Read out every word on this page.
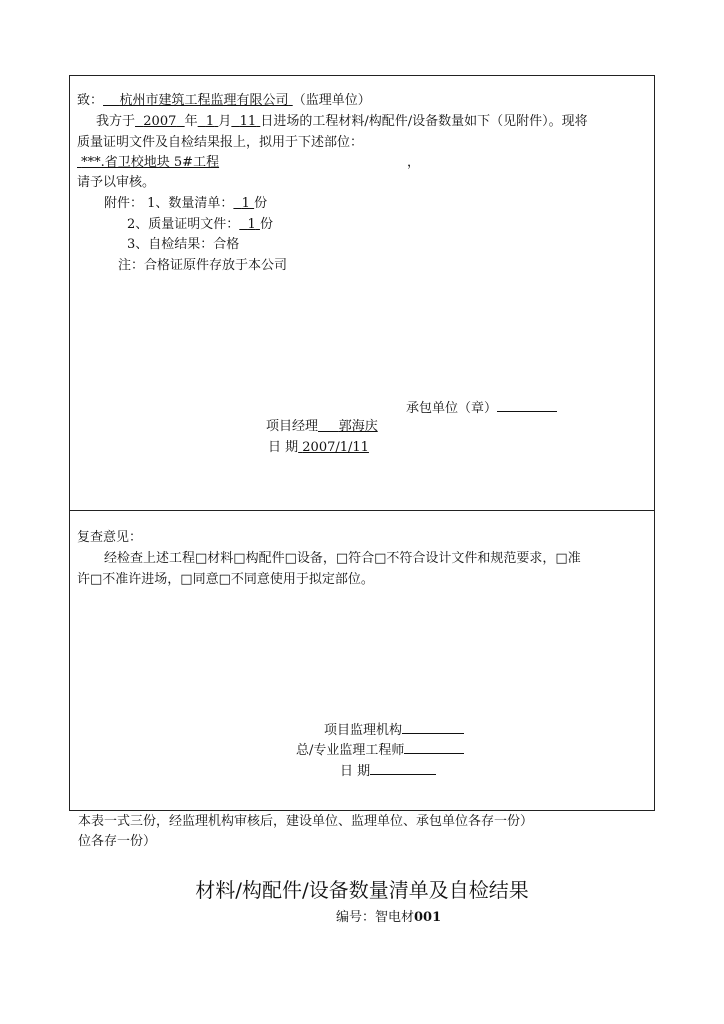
致： 杭州市建筑工程监理有限公司 （监理单位）
我方于 2007 年 1 月 11 日进场的工程材料/构配件/设备数量如下（见附件）。现将
质量证明文件及自检结果报上，拟用于下述部位：
***.省卫校地块 5#工程	，
请予以审核。
附件： 1、数量清单： 1 份
2、质量证明文件： 1 份
3、自检结果：合格
注：合格证原件存放于本公司
承包单位（章）
项目经理 郭海庆
日 期 2007/1/11
复查意见：
经检查上述工程□材料□构配件□设备，□符合□不符合设计文件和规范要求，□准
许□不准许进场，□同意□不同意使用于拟定部位。
项目监理机构
总/专业监理工程师
日 期
本表一式三份，经监理机构审核后，建设单位、监理单位、承包单位各存一份）
位各存一份）
材料/构配件/设备数量清单及自检结果
编号：智电材001
